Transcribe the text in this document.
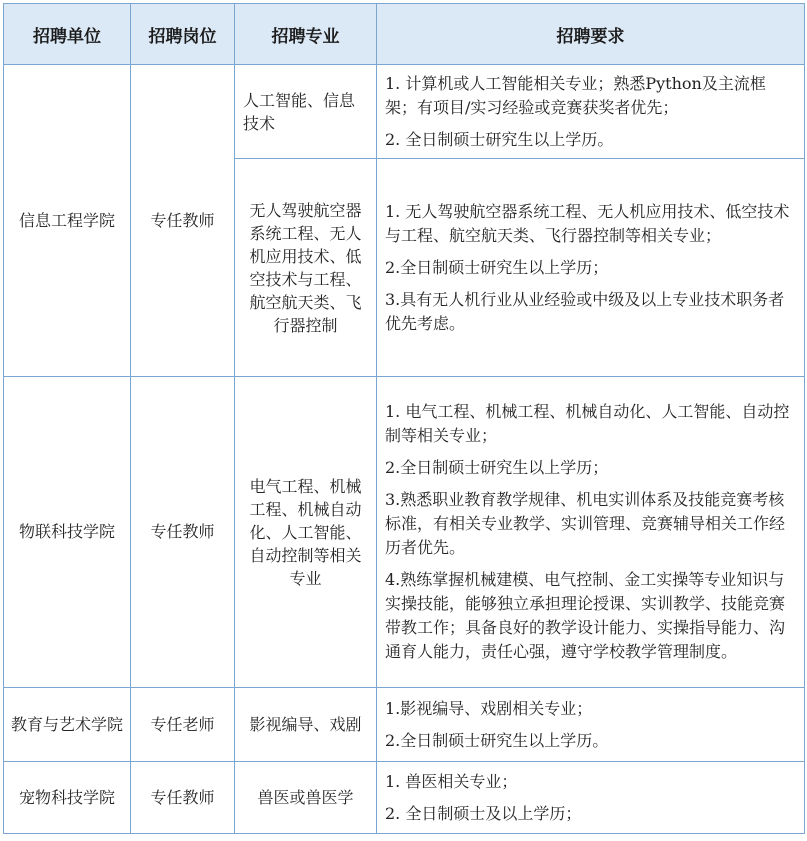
招聘单位	招聘岗位	招聘专业	招聘要求
信息工程学院	专任教师	人工智能、信息技术	1. 计算机或人工智能相关专业；熟悉Python及主流框架；有项目/实习经验或竞赛获奖者优先；

2. 全日制硕士研究生以上学历。

		无人驾驶航空器系统工程、无人机应用技术、低空技术与工程、航空航天类、飞行器控制	1. 无人驾驶航空器系统工程、无人机应用技术、低空技术与工程、航空航天类、飞行器控制等相关专业；

2.全日制硕士研究生以上学历；

3.具有无人机行业从业经验或中级及以上专业技术职务者优先考虑。

物联科技学院	专任教师	电气工程、机械工程、机械自动化、人工智能、自动控制等相关专业	1. 电气工程、机械工程、机械自动化、人工智能、自动控制等相关专业；

2.全日制硕士研究生以上学历；

3.熟悉职业教育教学规律、机电实训体系及技能竞赛考核标准，有相关专业教学、实训管理、竞赛辅导相关工作经历者优先。

4.熟练掌握机械建模、电气控制、金工实操等专业知识与实操技能，能够独立承担理论授课、实训教学、技能竞赛带教工作；具备良好的教学设计能力、实操指导能力、沟通育人能力，责任心强，遵守学校教学管理制度。

教育与艺术学院	专任老师	影视编导、戏剧	1.影视编导、戏剧相关专业；

2.全日制硕士研究生以上学历。

宠物科技学院	专任教师	兽医或兽医学	1. 兽医相关专业；

2. 全日制硕士及以上学历；
